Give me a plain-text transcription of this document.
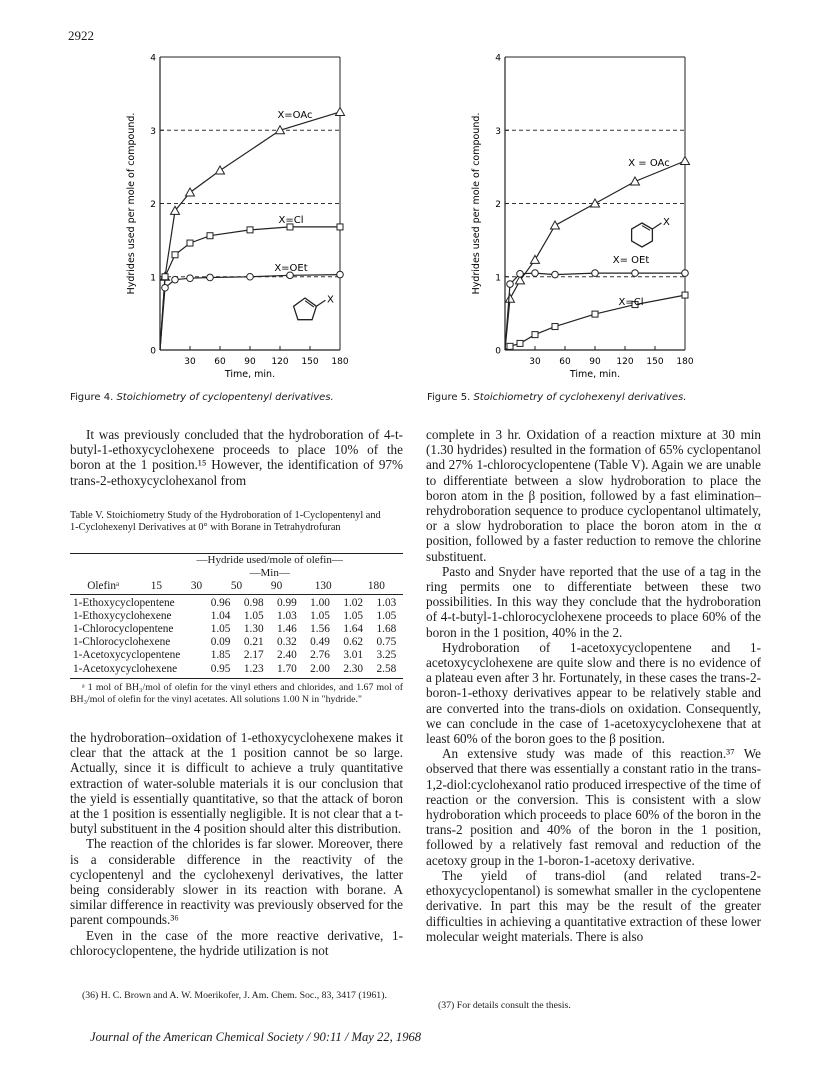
2922
0
1
2
3
4
30 60 90 120 150 180
Time, min.
Hydrides used per mole of compound.	X=OAc
X=Cl
X=OEt
X
Figure 4. Stoichiometry of cyclopentenyl derivatives.
0
1
2
3
4
30 60 90 120 150 180
Time, min.
Hydrides used per mole of compound.	X = OAc
X= OEt
X=Cl
X
Figure 5. Stoichiometry of cyclohexenyl derivatives.

It was previously concluded that the hydroboration of 4-t-butyl-1-ethoxycyclohexene proceeds to place 10% of the boron at the 1 position.¹⁵ However, the identification of 97% trans-2-ethoxycyclohexanol from

Table V. Stoichiometry Study of the Hydroboration of 1-Cyclopentenyl and 1-Cyclohexenyl Derivatives at 0° with Borane in Tetrahydrofuran
	—Hydride used/mole of olefin—					
	—Min—					
Olefinᵃ	15	30	50	90	130	180
1-Ethoxycyclopentene	0.96	0.98	0.99	1.00	1.02	1.03
1-Ethoxycyclohexene	1.04	1.05	1.03	1.05	1.05	1.05
1-Chlorocyclopentene	1.05	1.30	1.46	1.56	1.64	1.68
1-Chlorocyclohexene	0.09	0.21	0.32	0.49	0.62	0.75
1-Acetoxycyclopentene	1.85	2.17	2.40	2.76	3.01	3.25
1-Acetoxycyclohexene	0.95	1.23	1.70	2.00	2.30	2.58
ᵃ 1 mol of BH₃/mol of olefin for the vinyl ethers and chlorides, and 1.67 mol of BH₃/mol of olefin for the vinyl acetates. All solutions 1.00 N in "hydride."

the hydroboration–oxidation of 1-ethoxycyclohexene makes it clear that the attack at the 1 position cannot be so large. Actually, since it is difficult to achieve a truly quantitative extraction of water-soluble materials it is our conclusion that the yield is essentially quantitative, so that the attack of boron at the 1 position is essentially negligible. It is not clear that a t-butyl substituent in the 4 position should alter this distribution.

The reaction of the chlorides is far slower. Moreover, there is a considerable difference in the reactivity of the cyclopentenyl and the cyclohexenyl derivatives, the latter being considerably slower in its reaction with borane. A similar difference in reactivity was previously observed for the parent compounds.³⁶

Even in the case of the more reactive derivative, 1-chlorocyclopentene, the hydride utilization is not

(36) H. C. Brown and A. W. Moerikofer, J. Am. Chem. Soc., 83, 3417 (1961).

complete in 3 hr. Oxidation of a reaction mixture at 30 min (1.30 hydrides) resulted in the formation of 65% cyclopentanol and 27% 1-chlorocyclopentene (Table V). Again we are unable to differentiate between a slow hydroboration to place the boron atom in the β position, followed by a fast elimination–rehydroboration sequence to produce cyclopentanol ultimately, or a slow hydroboration to place the boron atom in the α position, followed by a faster reduction to remove the chlorine substituent.

Pasto and Snyder have reported that the use of a tag in the ring permits one to differentiate between these two possibilities. In this way they conclude that the hydroboration of 4-t-butyl-1-chlorocyclohexene proceeds to place 60% of the boron in the 1 position, 40% in the 2.

Hydroboration of 1-acetoxycyclopentene and 1-acetoxycyclohexene are quite slow and there is no evidence of a plateau even after 3 hr. Fortunately, in these cases the trans-2-boron-1-ethoxy derivatives appear to be relatively stable and are converted into the trans-diols on oxidation. Consequently, we can conclude in the case of 1-acetoxycyclohexene that at least 60% of the boron goes to the β position.

An extensive study was made of this reaction.³⁷ We observed that there was essentially a constant ratio in the trans-1,2-diol:cyclohexanol ratio produced irrespective of the time of reaction or the conversion. This is consistent with a slow hydroboration which proceeds to place 60% of the boron in the trans-2 position and 40% of the boron in the 1 position, followed by a relatively fast removal and reduction of the acetoxy group in the 1-boron-1-acetoxy derivative.

The yield of trans-diol (and related trans-2-ethoxycyclopentanol) is somewhat smaller in the cyclopentene derivative. In part this may be the result of the greater difficulties in achieving a quantitative extraction of these lower molecular weight materials. There is also

(37) For details consult the thesis.
Journal of the American Chemical Society / 90:11 / May 22, 1968
